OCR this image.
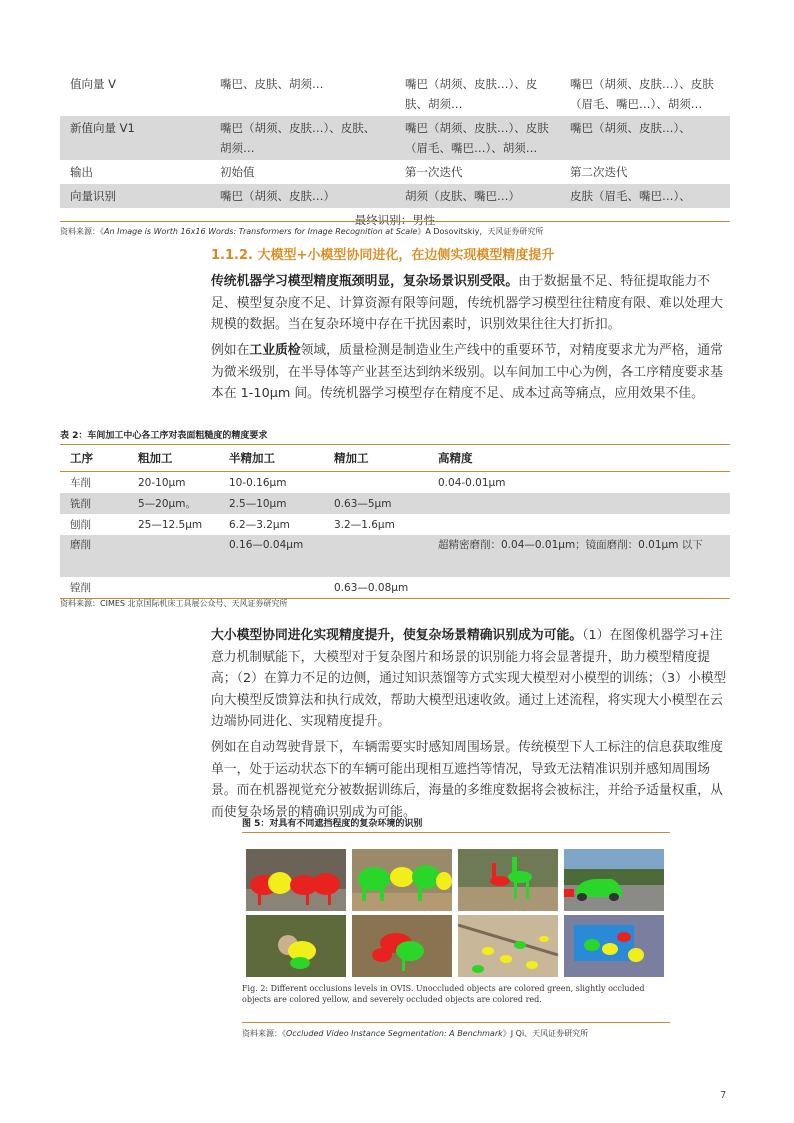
值向量 V	嘴巴、皮肤、胡须…	嘴巴（胡须、皮肤…）、皮肤、胡须…	嘴巴（胡须、皮肤…）、皮肤（眉毛、嘴巴…）、胡须…
新值向量 V1	嘴巴（胡须、皮肤…）、皮肤、胡须…	嘴巴（胡须、皮肤…）、皮肤（眉毛、嘴巴…）、胡须…	嘴巴（胡须、皮肤…）、
输出	初始值	第一次迭代	第二次迭代
向量识别	嘴巴（胡须、皮肤…）	胡须（皮肤、嘴巴…）	皮肤（眉毛、嘴巴…）、
最终识别：男性			
资料来源：《An Image is Worth 16x16 Words: Transformers for Image Recognition at Scale》A Dosovitskiy，天风证券研究所
1.1.2. 大模型+小模型协同进化，在边侧实现模型精度提升
传统机器学习模型精度瓶颈明显，复杂场景识别受限。由于数据量不足、特征提取能力不足、模型复杂度不足、计算资源有限等问题，传统机器学习模型往往精度有限、难以处理大规模的数据。当在复杂环境中存在干扰因素时，识别效果往往大打折扣。
例如在工业质检领域，质量检测是制造业生产线中的重要环节，对精度要求尤为严格，通常为微米级别，在半导体等产业甚至达到纳米级别。以车间加工中心为例，各工序精度要求基本在 1-10μm 间。传统机器学习模型存在精度不足、成本过高等痛点，应用效果不佳。
表 2：车间加工中心各工序对表面粗糙度的精度要求
工序	粗加工	半精加工	精加工	高精度
车削	20-10μm	10-0.16μm		0.04-0.01μm
铣削	5—20μm。	2.5—10μm	0.63—5μm	
刨削	25—12.5μm	6.2—3.2μm	3.2—1.6μm	
磨削		0.16—0.04μm		超精密磨削：0.04—0.01μm；镜面磨削：0.01μm 以下
镗削			0.63—0.08μm	
资料来源：CIMES 北京国际机床工具展公众号、天风证券研究所
大小模型协同进化实现精度提升，使复杂场景精确识别成为可能。（1）在图像机器学习+注意力机制赋能下，大模型对于复杂图片和场景的识别能力将会显著提升，助力模型精度提高；（2）在算力不足的边侧，通过知识蒸馏等方式实现大模型对小模型的训练；（3）小模型向大模型反馈算法和执行成效，帮助大模型迅速收敛。通过上述流程，将实现大小模型在云边端协同进化、实现精度提升。
例如在自动驾驶背景下，车辆需要实时感知周围场景。传统模型下人工标注的信息获取维度单一，处于运动状态下的车辆可能出现相互遮挡等情况，导致无法精准识别并感知周围场景。而在机器视觉充分被数据训练后，海量的多维度数据将会被标注，并给予适量权重，从而使复杂场景的精确识别成为可能。
图 5：对具有不同遮挡程度的复杂环境的识别
Fig. 2: Different occlusions levels in OVIS. Unoccluded objects are colored green, slightly occluded objects are colored yellow, and severely occluded objects are colored red.
资料来源：《Occluded Video Instance Segmentation: A Benchmark》J Qi、天风证券研究所
7
